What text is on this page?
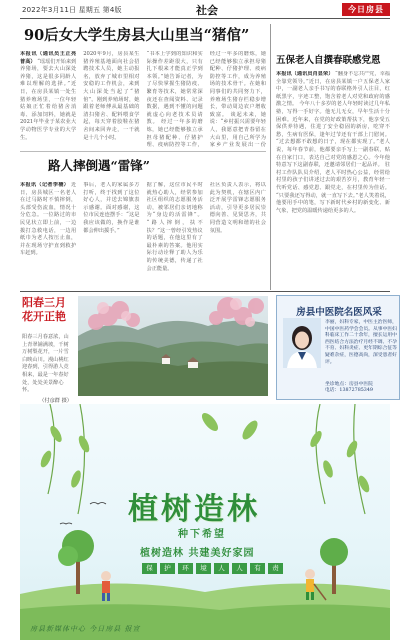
2022年3月11日 星期五 第4版	社会	今日房县
90后女大学生房县大山里当“猪倌”
本报讯（通讯员王正亮 普高） “瑶瑶们开始来到养猪场，要去大山深处养猪，这是很多同龄人难以理解的选择。”近日，在房县某镇一处生猪养殖场里，一位年轻姑娘正忙着给猪舍消毒、添加饲料，她就是2021年毕业于某农业大学动物医学专业的大学生。
2020年9月，房县某生猪养殖基地面向社会招聘技术人员，她主动报名，放弃了城市里相对安稳的工作机会，来到大山深处当起了“猪倌”。刚到养殖场时，她跟着老师傅从最基础的清扫猪舍、配料喂食学起，每天穿着胶鞋在猪舍间来回奔走，一干就是十几个小时。
“书本上学到的知识和实际操作差距很大，只有扎下根来才能真正学到本领。”她告诉记者，为了尽快掌握生猪防疫、繁育等技术，她常常深夜还在查阅资料、记录数据，遇到不懂的问题就虚心向老技术员请教。 经过一年多的磨炼，她已经能够独立承担母猪配种、仔猪护理、疫病防控等工作，
经过一年多的磨炼，她已经能够独立承担母猪配种、仔猪护理、疫病防控等工作，成为养殖场的技术骨干。在她和同事们的共同努力下，养殖场生猪存栏稳步增长，带动周边农户增收致富。 谈起未来，她说：“乡村振兴需要年轻人，我愿意把青春留在大山里，用自己所学为家乡产业发展出一份
五保老人自撰春联感党恩
本报讯（通讯员肖显荣） “翻身不忘共产党，幸福全靠党领导。”近日，在房县某镇一户五保老人家中，一副老人亲手书写的春联格外引人注目，红纸黑字，字迹工整，饱含着老人对党和政府的感激之情。 今年八十多岁的老人年轻时读过几年私塾，写得一手好字。他无儿无女，早年生活十分困难。近年来，在党的好政策帮扶下，他享受五保供养待遇，住进了安全稳固的新房，吃穿不愁，生病有医保，逢年过节还有干部上门慰问。 “过去想都不敢想的日子，现在都实现了。”老人说，每年春节前，他都要亲手写上一副春联，贴在自家门口，表达自己对党的感恩之心。今年他特意写下这副春联，还邀请邻居们一起品评。 驻村工作队队员介绍，老人平时热心公益，经常给村里的孩子们讲述过去的艰苦岁月，教育年轻一代听党话、感党恩、跟党走，在村里传为佳话。 “只要我还写得动，就一直写下去。”老人笑着说，他要用手中的笔，写下新时代乡村的新变化、新气象，把党的温暖传递给更多的人。
路人摔倒遇“雷锋”
本报讯（记者李楠） 近日，房县城区一名老人在过马路时不慎摔倒，头部受伤流血，情况十分危急。一位路过的市民见状立即上前，一边拨打急救电话，一边用纸巾为老人按压止血，并在现场守护直到救护车赶到。
事后，老人的家属多方打听，终于找到了这位好心人，并送去锦旗表示感谢。面对感谢，这位市民连连摆手：“这是我应该做的，换作是谁都会伸出援手。”
据了解，这位市民平时就热心助人，经常参加社区组织的志愿服务活动，被邻居们亲切地称为“身边的活雷锋”。 “路人摔倒，扶不扶？”这一曾经引发热议的话题，在他这里有了最朴素的答案。他用实际行动诠释了助人为乐的传统美德，传递了社会正能量。
社区负责人表示，将以此为契机，在辖区内广泛开展学雷锋志愿服务活动，引导更多居民崇德向善、见贤思齐，共同营造文明和谐的社会氛围。
阳春三月
花开正艳
阳春三月春意浓，山上青翠铺满坡，千树万树梨花开，一片雪白映山川。漫山桃红迎春到，引得游人竞相来，最是一年春好处，处处美景醉心怀。
（付彦群 摄）
房县中医院名医风采
李丽，妇科专家，中医主治医师，中国中医药学会会员。从事中医妇科临床工作二十余年，擅长运用中西医结合方法治疗月经不调、不孕不育、妇科炎症、更年期综合征等疑难杂症，医德高尚，深受患者好评。
坐诊地点：房县中医院
电话：13872785349
植树造林
种下希望
植树造林 共建美好家园
保	护	环	境	人	人	有	责
房县新媒体中心 今日房县 报宣
